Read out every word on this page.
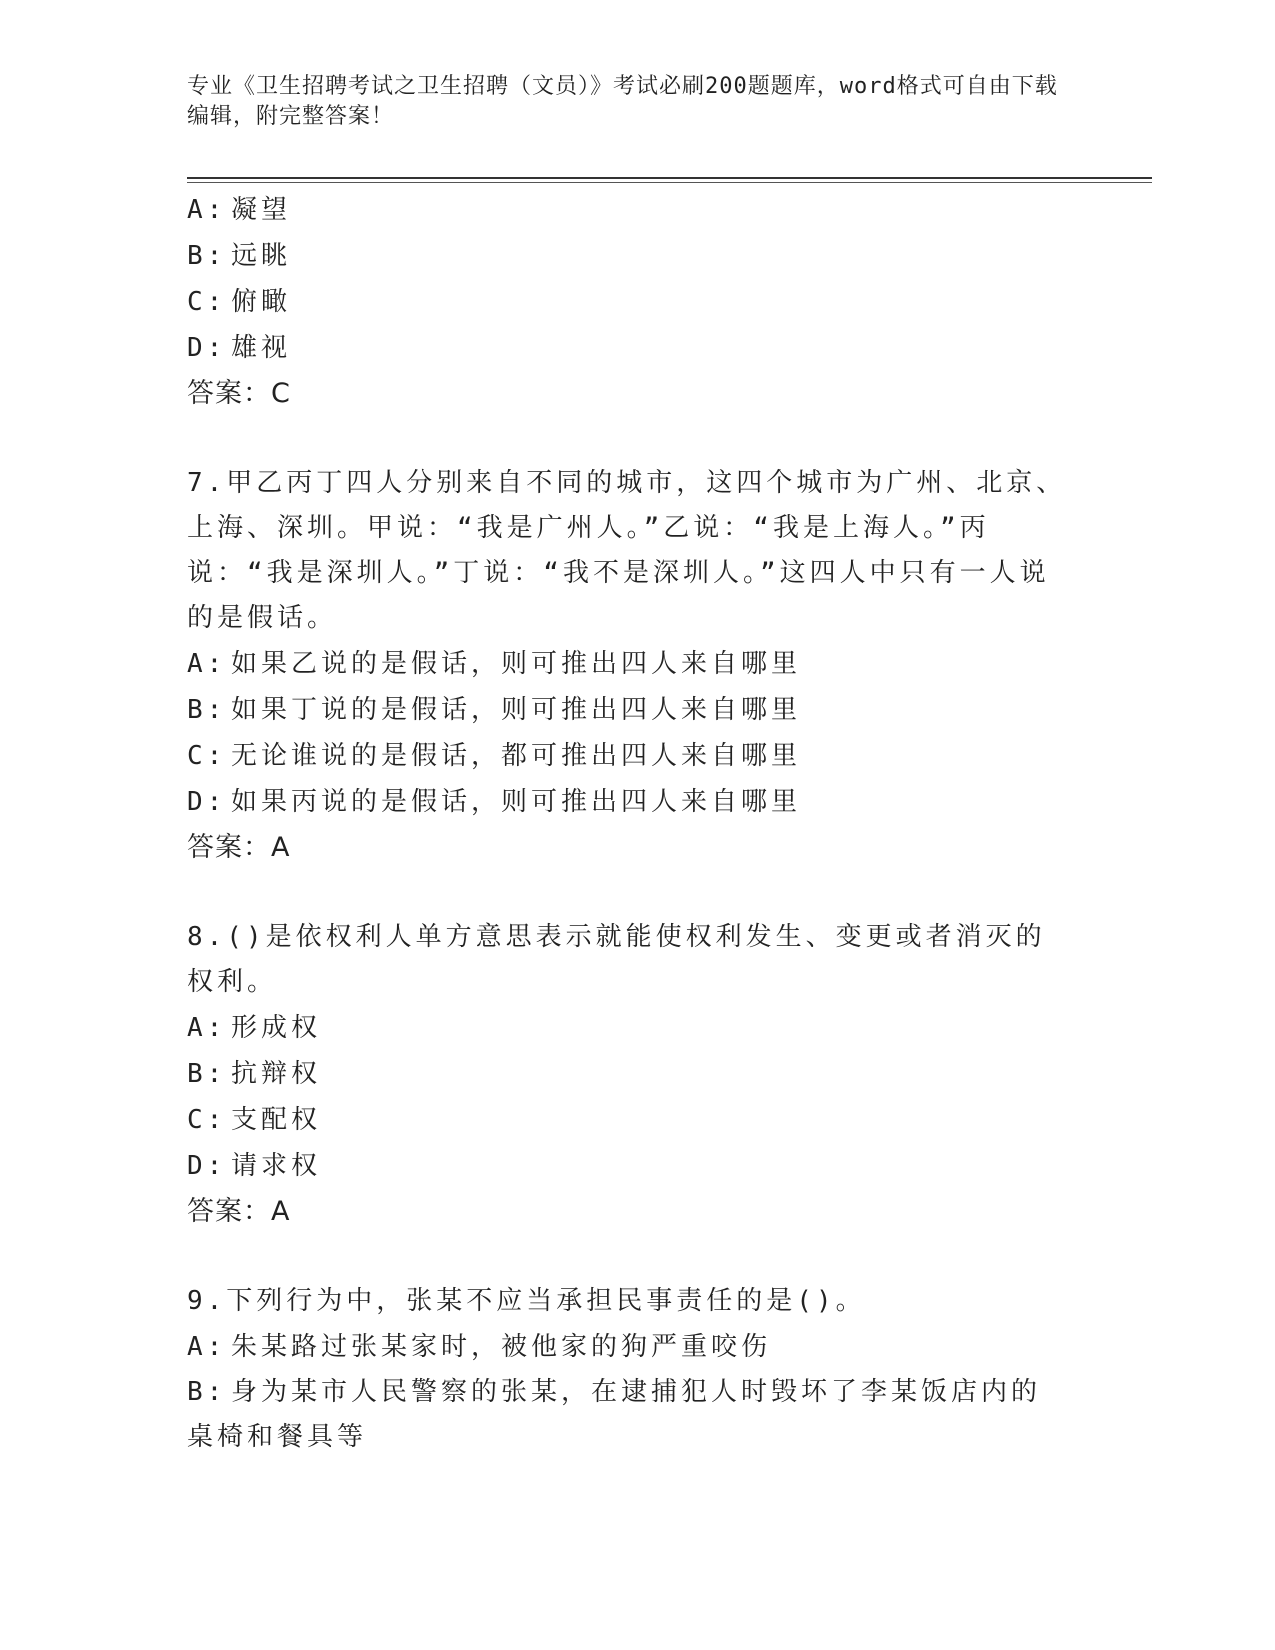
专业《卫生招聘考试之卫生招聘（文员）》考试必刷200题题库，word格式可自由下载编辑，附完整答案！
A: 凝望
B: 远眺
C: 俯瞰
D: 雄视
答案：C
7.甲乙丙丁四人分别来自不同的城市，这四个城市为广州、北京、上海、深圳。甲说：“我是广州人。”乙说：“我是上海人。”丙说：“我是深圳人。”丁说：“我不是深圳人。”这四人中只有一人说的是假话。
A: 如果乙说的是假话，则可推出四人来自哪里
B: 如果丁说的是假话，则可推出四人来自哪里
C: 无论谁说的是假话，都可推出四人来自哪里
D: 如果丙说的是假话，则可推出四人来自哪里
答案：A
8.()是依权利人单方意思表示就能使权利发生、变更或者消灭的权利。
A: 形成权
B: 抗辩权
C: 支配权
D: 请求权
答案：A
9.下列行为中，张某不应当承担民事责任的是()。
A: 朱某路过张某家时，被他家的狗严重咬伤
B: 身为某市人民警察的张某，在逮捕犯人时毁坏了李某饭店内的桌椅和餐具等
